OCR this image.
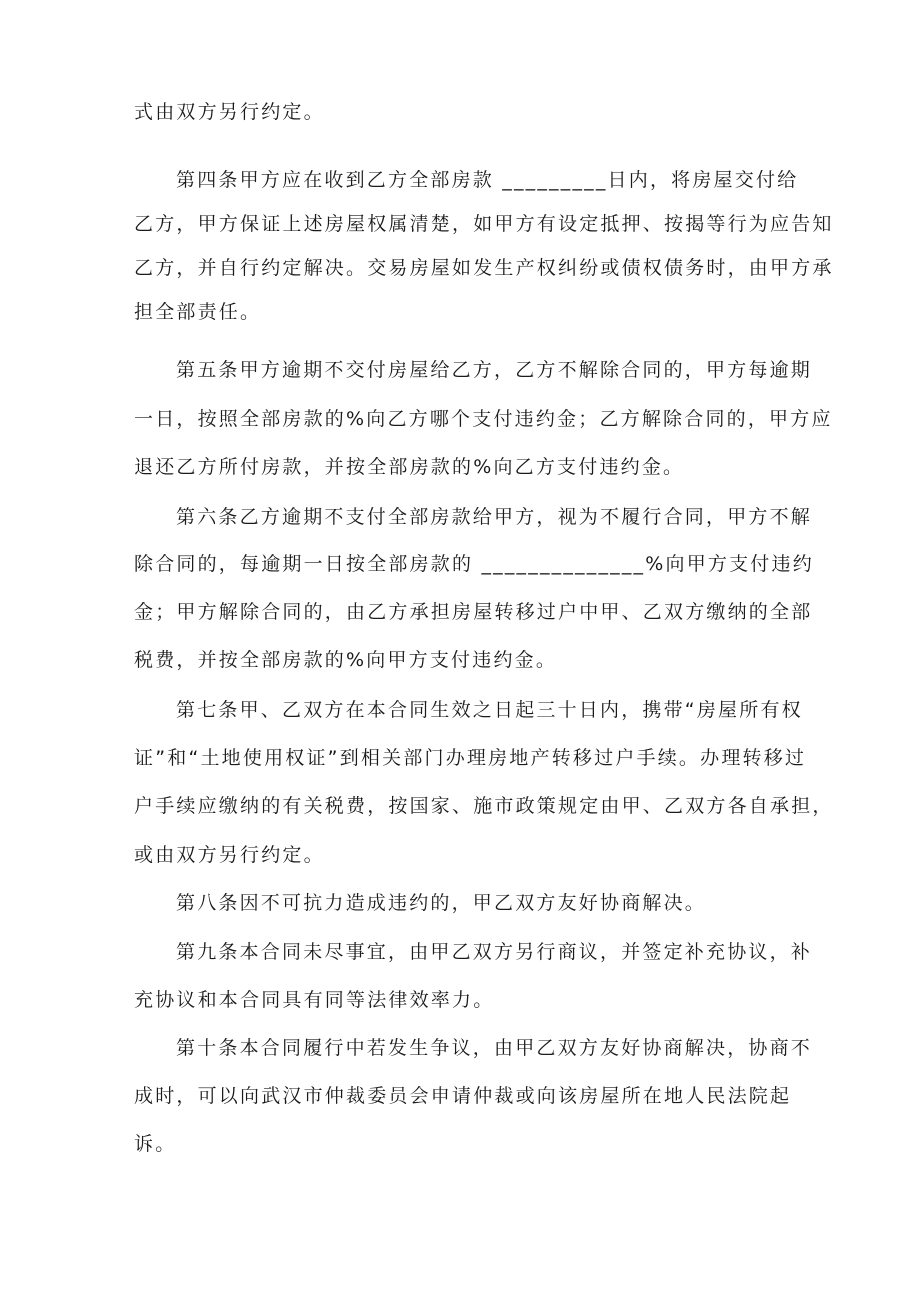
式由双方另行约定。
第四条甲方应在收到乙方全部房款 _________日内，将房屋交付给
乙方，甲方保证上述房屋权属清楚，如甲方有设定抵押、按揭等行为应告知
乙方，并自行约定解决。交易房屋如发生产权纠纷或债权债务时，由甲方承
担全部责任。
第五条甲方逾期不交付房屋给乙方，乙方不解除合同的，甲方每逾期
一日，按照全部房款的%向乙方哪个支付违约金；乙方解除合同的，甲方应
退还乙方所付房款，并按全部房款的%向乙方支付违约金。
第六条乙方逾期不支付全部房款给甲方，视为不履行合同，甲方不解
除合同的，每逾期一日按全部房款的 ______________%向甲方支付违约
金；甲方解除合同的，由乙方承担房屋转移过户中甲、乙双方缴纳的全部
税费，并按全部房款的%向甲方支付违约金。
第七条甲、乙双方在本合同生效之日起三十日内，携带“房屋所有权
证”和“土地使用权证”到相关部门办理房地产转移过户手续。办理转移过
户手续应缴纳的有关税费，按国家、施市政策规定由甲、乙双方各自承担，
或由双方另行约定。
第八条因不可抗力造成违约的，甲乙双方友好协商解决。
第九条本合同未尽事宜，由甲乙双方另行商议，并签定补充协议，补
充协议和本合同具有同等法律效率力。
第十条本合同履行中若发生争议，由甲乙双方友好协商解决，协商不
成时，可以向武汉市仲裁委员会申请仲裁或向该房屋所在地人民法院起
诉。
